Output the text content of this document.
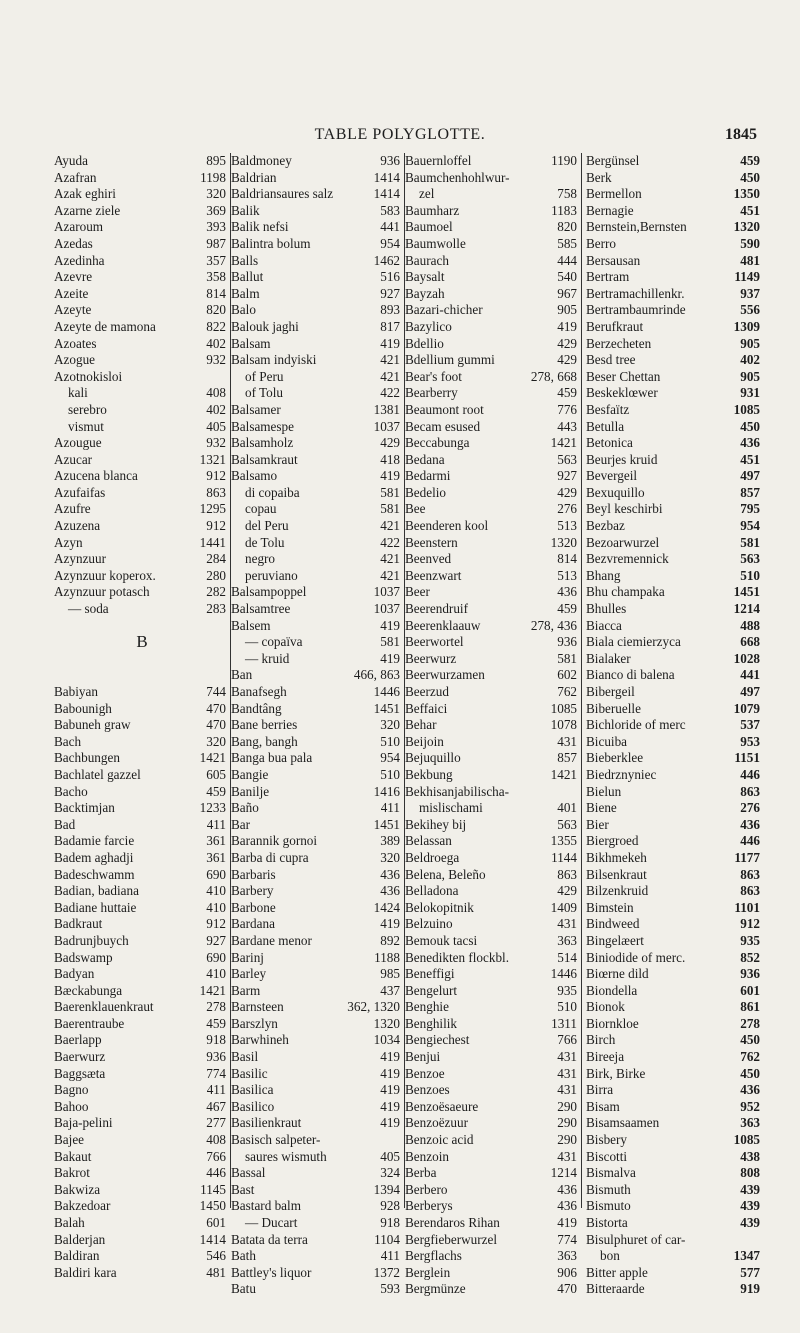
TABLE POLYGLOTTE.	1845
Ayuda	895
Azafran	1198
Azak eghiri	320
Azarne ziele	369
Azaroum	393
Azedas	987
Azedinha	357
Azevre	358
Azeite	814
Azeyte	820
Azeyte de mamona	822
Azoates	402
Azogue	932
Azotnokisloi
kali	408
serebro	402
vismut	405
Azougue	932
Azucar	1321
Azucena blanca	912
Azufaifas	863
Azufre	1295
Azuzena	912
Azyn	1441
Azynzuur	284
Azynzuur koperox.	280
Azynzuur potasch	282
— soda	283
B
Babiyan	744
Babounigh	470
Babuneh graw	470
Bach	320
Bachbungen	1421
Bachlatel gazzel	605
Bacho	459
Backtimjan	1233
Bad	411
Badamie farcie	361
Badem aghadji	361
Badeschwamm	690
Badian, badiana	410
Badiane huttaie	410
Badkraut	912
Badrunjbuych	927
Badswamp	690
Badyan	410
Bæckabunga	1421
Baerenklauenkraut	278
Baerentraube	459
Baerlapp	918
Baerwurz	936
Baggsæta	774
Bagno	411
Bahoo	467
Baja-pelini	277
Bajee	408
Bakaut	766
Bakrot	446
Bakwiza	1145
Bakzedoar	1450
Balah	601
Balderjan	1414
Baldiran	546
Baldiri kara	481
Baldmoney	936
Baldrian	1414
Baldriansaures salz	1414
Balik	583
Balik nefsi	441
Balintra bolum	954
Balls	1462
Ballut	516
Balm	927
Balo	893
Balouk jaghi	817
Balsam	419
Balsam indyiski	421
of Peru	421
of Tolu	422
Balsamer	1381
Balsamespe	1037
Balsamholz	429
Balsamkraut	418
Balsamo	419
di copaiba	581
copau	581
del Peru	421
de Tolu	422
negro	421
peruviano	421
Balsampoppel	1037
Balsamtree	1037
Balsem	419
— copaïva	581
— kruid	419
Ban	466, 863
Banafsegh	1446
Bandtâng	1451
Bane berries	320
Bang, bangh	510
Banga bua pala	954
Bangie	510
Banilje	1416
Baño	411
Bar	1451
Barannik gornoi	389
Barba di cupra	320
Barbaris	436
Barbery	436
Barbone	1424
Bardana	419
Bardane menor	892
Barinj	1188
Barley	985
Barm	437
Barnsteen	362, 1320
Barszlyn	1320
Barwhineh	1034
Basil	419
Basilic	419
Basilica	419
Basilico	419
Basilienkraut	419
Basisch salpeter-
saures wismuth	405
Bassal	324
Bast	1394
Bastard balm	928
— Ducart	918
Batata da terra	1104
Bath	411
Battley's liquor	1372
Batu	593
Bauernloffel	1190
Baumchenhohlwur-
zel	758
Baumharz	1183
Baumoel	820
Baumwolle	585
Baurach	444
Baysalt	540
Bayzah	967
Bazari-chicher	905
Bazylico	419
Bdellio	429
Bdellium gummi	429
Bear's foot	278, 668
Bearberry	459
Beaumont root	776
Becam esused	443
Beccabunga	1421
Bedana	563
Bedarmi	927
Bedelio	429
Bee	276
Beenderen kool	513
Beenstern	1320
Beenved	814
Beenzwart	513
Beer	436
Beerendruif	459
Beerenklaauw	278, 436
Beerwortel	936
Beerwurz	581
Beerwurzamen	602
Beerzud	762
Beffaici	1085
Behar	1078
Beijoin	431
Bejuquillo	857
Bekbung	1421
Bekhisanjabilischa-
mislischami	401
Bekihey bij	563
Belassan	1355
Beldroega	1144
Belena, Beleño	863
Belladona	429
Belokopitnik	1409
Belzuino	431
Bemouk tacsi	363
Benedikten flockbl.	514
Beneffigi	1446
Bengelurt	935
Benghie	510
Benghilik	1311
Bengiechest	766
Benjui	431
Benzoe	431
Benzoes	431
Benzoësaeure	290
Benzoëzuur	290
Benzoic acid	290
Benzoin	431
Berba	1214
Berbero	436
Berberys	436
Berendaros Rihan	419
Bergfieberwurzel	774
Bergflachs	363
Berglein	906
Bergmünze	470
Bergünsel	459
Berk	450
Bermellon	1350
Bernagie	451
Bernstein,Bernsten	1320
Berro	590
Bersausan	481
Bertram	1149
Bertramachillenkr.	937
Bertrambaumrinde	556
Berufkraut	1309
Berzecheten	905
Besd tree	402
Beser Chettan	905
Beskeklœwer	931
Besfaïtz	1085
Betulla	450
Betonica	436
Beurjes kruid	451
Bevergeil	497
Bexuquillo	857
Beyl keschirbi	795
Bezbaz	954
Bezoarwurzel	581
Bezvremennick	563
Bhang	510
Bhu champaka	1451
Bhulles	1214
Biacca	488
Biala ciemierzyca	668
Bialaker	1028
Bianco di balena	441
Bibergeil	497
Biberuelle	1079
Bichloride of merc	537
Bicuiba	953
Bieberklee	1151
Biedrznyniec	446
Bielun	863
Biene	276
Bier	436
Biergroed	446
Bikhmekeh	1177
Bilsenkraut	863
Bilzenkruid	863
Bimstein	1101
Bindweed	912
Bingelæert	935
Biniodide of merc.	852
Biœrne dild	936
Biondella	601
Bionok	861
Biornkloe	278
Birch	450
Bireeja	762
Birk, Birke	450
Birra	436
Bisam	952
Bisamsaamen	363
Bisbery	1085
Biscotti	438
Bismalva	808
Bismuth	439
Bismuto	439
Bistorta	439
Bisulphuret of car-
bon	1347
Bitter apple	577
Bitteraarde	919
